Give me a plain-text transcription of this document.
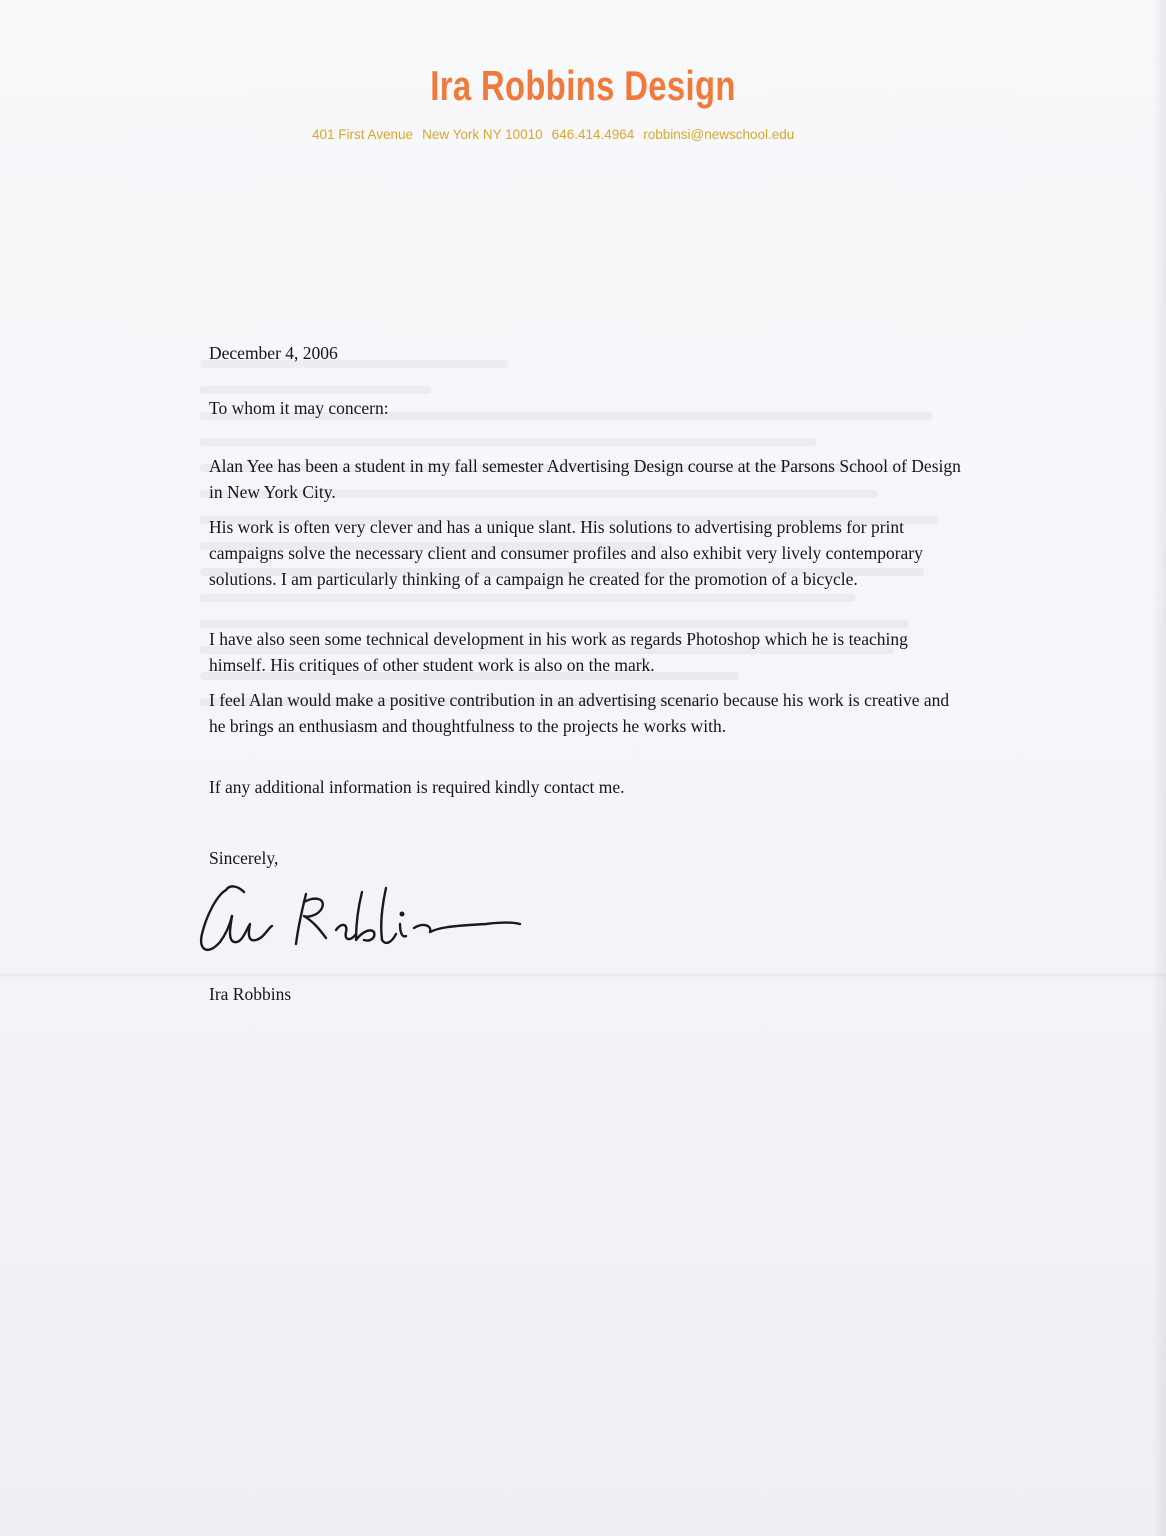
Ira Robbins Design
401 First Avenue New York NY 10010 646.414.4964 robbinsi@newschool.edu
December 4, 2006
To whom it may concern:
Alan Yee has been a student in my fall semester Advertising Design course at the Parsons School of Design in New York City.
His work is often very clever and has a unique slant. His solutions to advertising problems for print campaigns solve the necessary client and consumer profiles and also exhibit very lively contemporary solutions. I am particularly thinking of a campaign he created for the promotion of a bicycle.
I have also seen some technical development in his work as regards Photoshop which he is teaching himself. His critiques of other student work is also on the mark.
I feel Alan would make a positive contribution in an advertising scenario because his work is creative and he brings an enthusiasm and thoughtfulness to the projects he works with.
If any additional information is required kindly contact me.
Sincerely,
Ira Robbins
